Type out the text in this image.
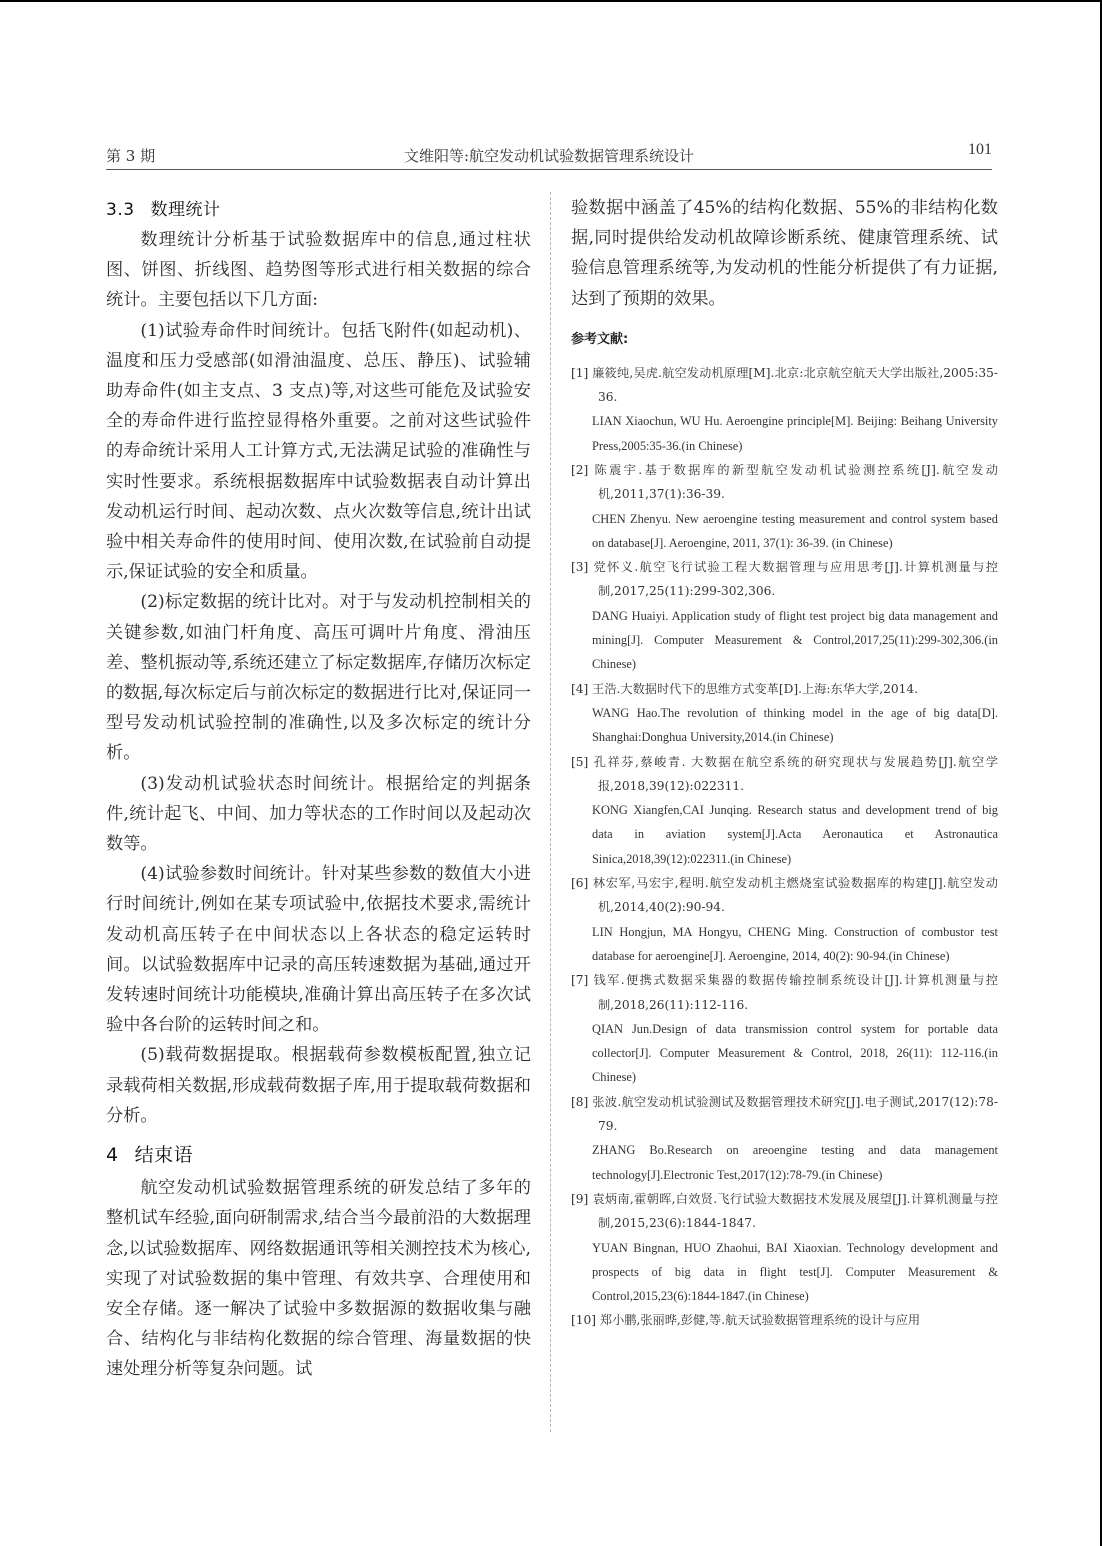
第 3 期	文维阳等:航空发动机试验数据管理系统设计	101
3.3 数理统计

数理统计分析基于试验数据库中的信息,通过柱状图、饼图、折线图、趋势图等形式进行相关数据的综合统计。主要包括以下几方面:

(1)试验寿命件时间统计。包括飞附件(如起动机)、温度和压力受感部(如滑油温度、总压、静压)、试验辅助寿命件(如主支点、3 支点)等,对这些可能危及试验安全的寿命件进行监控显得格外重要。之前对这些试验件的寿命统计采用人工计算方式,无法满足试验的准确性与实时性要求。系统根据数据库中试验数据表自动计算出发动机运行时间、起动次数、点火次数等信息,统计出试验中相关寿命件的使用时间、使用次数,在试验前自动提示,保证试验的安全和质量。

(2)标定数据的统计比对。对于与发动机控制相关的关键参数,如油门杆角度、高压可调叶片角度、滑油压差、整机振动等,系统还建立了标定数据库,存储历次标定的数据,每次标定后与前次标定的数据进行比对,保证同一型号发动机试验控制的准确性,以及多次标定的统计分析。

(3)发动机试验状态时间统计。根据给定的判据条件,统计起飞、中间、加力等状态的工作时间以及起动次数等。

(4)试验参数时间统计。针对某些参数的数值大小进行时间统计,例如在某专项试验中,依据技术要求,需统计发动机高压转子在中间状态以上各状态的稳定运转时间。以试验数据库中记录的高压转速数据为基础,通过开发转速时间统计功能模块,准确计算出高压转子在多次试验中各台阶的运转时间之和。

(5)载荷数据提取。根据载荷参数模板配置,独立记录载荷相关数据,形成载荷数据子库,用于提取载荷数据和分析。

4 结束语

航空发动机试验数据管理系统的研发总结了多年的整机试车经验,面向研制需求,结合当今最前沿的大数据理念,以试验数据库、网络数据通讯等相关测控技术为核心,实现了对试验数据的集中管理、有效共享、合理使用和安全存储。逐一解决了试验中多数据源的数据收集与融合、结构化与非结构化数据的综合管理、海量数据的快速处理分析等复杂问题。试

验数据中涵盖了45%的结构化数据、55%的非结构化数据,同时提供给发动机故障诊断系统、健康管理系统、试验信息管理系统等,为发动机的性能分析提供了有力证据,达到了预期的效果。

参考文献:

[1] 廉筱纯,吴虎.航空发动机原理[M].北京:北京航空航天大学出版社,2005:35-36.

LIAN Xiaochun, WU Hu. Aeroengine principle[M]. Beijing: Beihang University Press,2005:35-36.(in Chinese)

[2] 陈震宇.基于数据库的新型航空发动机试验测控系统[J].航空发动机,2011,37(1):36-39.

CHEN Zhenyu. New aeroengine testing measurement and control system based on database[J]. Aeroengine, 2011, 37(1): 36-39. (in Chinese)

[3] 党怀义.航空飞行试验工程大数据管理与应用思考[J].计算机测量与控制,2017,25(11):299-302,306.

DANG Huaiyi. Application study of flight test project big data management and mining[J]. Computer Measurement & Control,2017,25(11):299-302,306.(in Chinese)

[4] 王浩.大数据时代下的思维方式变革[D].上海:东华大学,2014.

WANG Hao.The revolution of thinking model in the age of big data[D]. Shanghai:Donghua University,2014.(in Chinese)

[5] 孔祥芬,蔡峻青. 大数据在航空系统的研究现状与发展趋势[J].航空学报,2018,39(12):022311.

KONG Xiangfen,CAI Junqing. Research status and development trend of big data in aviation system[J].Acta Aeronautica et Astronautica Sinica,2018,39(12):022311.(in Chinese)

[6] 林宏军,马宏宇,程明.航空发动机主燃烧室试验数据库的构建[J].航空发动机,2014,40(2):90-94.

LIN Hongjun, MA Hongyu, CHENG Ming. Construction of combustor test database for aeroengine[J]. Aeroengine, 2014, 40(2): 90-94.(in Chinese)

[7] 钱军.便携式数据采集器的数据传输控制系统设计[J].计算机测量与控制,2018,26(11):112-116.

QIAN Jun.Design of data transmission control system for portable data collector[J]. Computer Measurement & Control, 2018, 26(11): 112-116.(in Chinese)

[8] 张波.航空发动机试验测试及数据管理技术研究[J].电子测试,2017(12):78-79.

ZHANG Bo.Research on areoengine testing and data management technology[J].Electronic Test,2017(12):78-79.(in Chinese)

[9] 袁炳南,霍朝晖,白效贤.飞行试验大数据技术发展及展望[J].计算机测量与控制,2015,23(6):1844-1847.

YUAN Bingnan, HUO Zhaohui, BAI Xiaoxian. Technology development and prospects of big data in flight test[J]. Computer Measurement & Control,2015,23(6):1844-1847.(in Chinese)

[10] 郑小鹏,张丽晔,彭健,等.航天试验数据管理系统的设计与应用
